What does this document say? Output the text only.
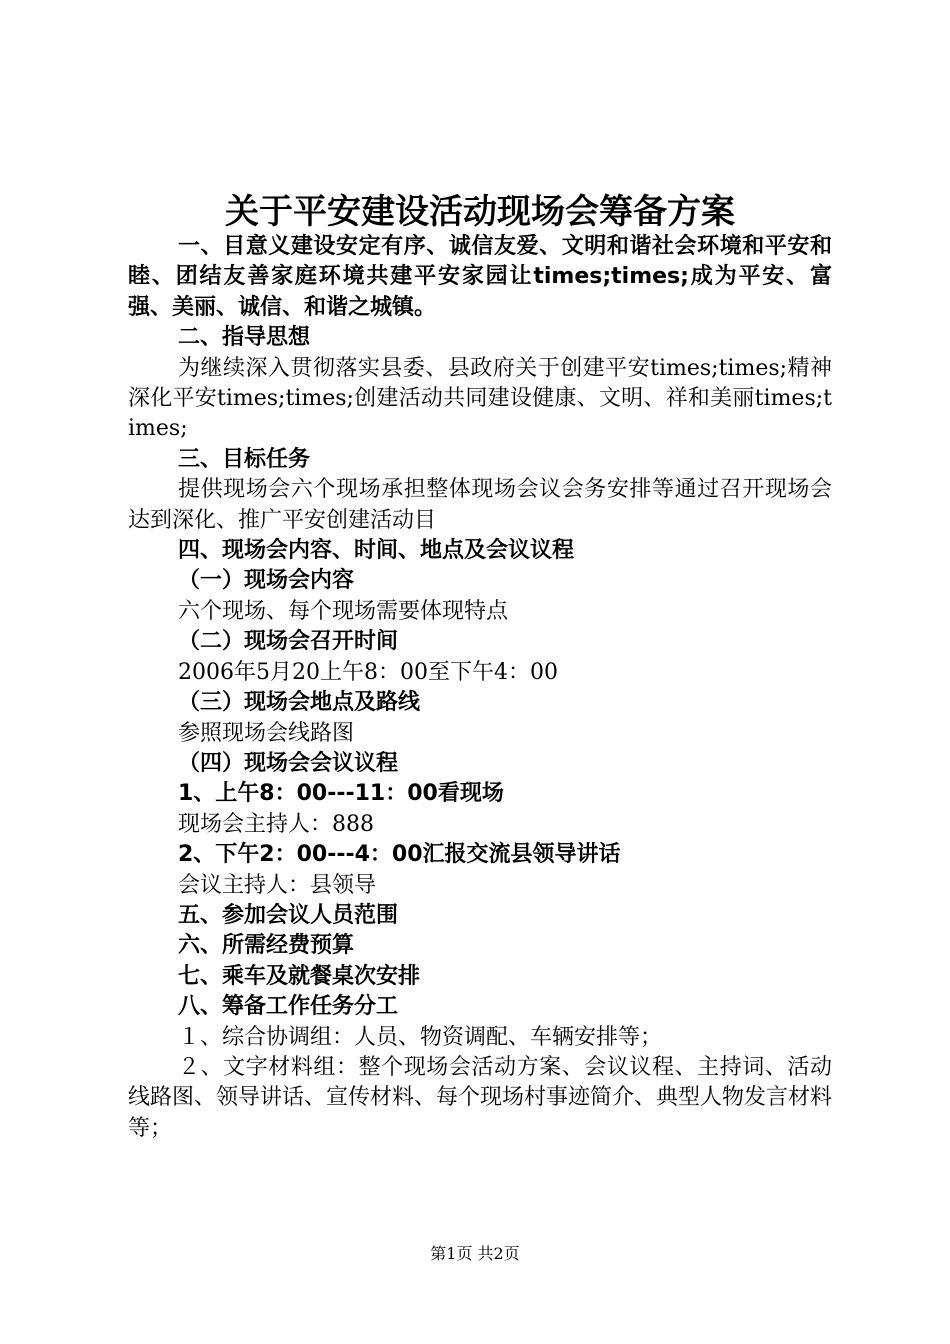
关于平安建设活动现场会筹备方案

一、目意义建设安定有序、诚信友爱、文明和谐社会环境和平安和睦、团结友善家庭环境共建平安家园让times;times;成为平安、富强、美丽、诚信、和谐之城镇。

二、指导思想

为继续深入贯彻落实县委、县政府关于创建平安times;times;精神深化平安times;times;创建活动共同建设健康、文明、祥和美丽times;times;

三、目标任务

提供现场会六个现场承担整体现场会议会务安排等通过召开现场会达到深化、推广平安创建活动目

四、现场会内容、时间、地点及会议议程

（一）现场会内容

六个现场、每个现场需要体现特点

（二）现场会召开时间

2006年5月20上午8：00至下午4：00

（三）现场会地点及路线

参照现场会线路图

（四）现场会会议议程

1、上午8：00---11：00看现场

现场会主持人：888

2、下午2：00---4：00汇报交流县领导讲话

会议主持人：县领导

五、参加会议人员范围

六、所需经费预算

七、乘车及就餐桌次安排

八、筹备工作任务分工

１、综合协调组：人员、物资调配、车辆安排等；

２、文字材料组：整个现场会活动方案、会议议程、主持词、活动线路图、领导讲话、宣传材料、每个现场村事迹简介、典型人物发言材料等；

第1页 共2页
